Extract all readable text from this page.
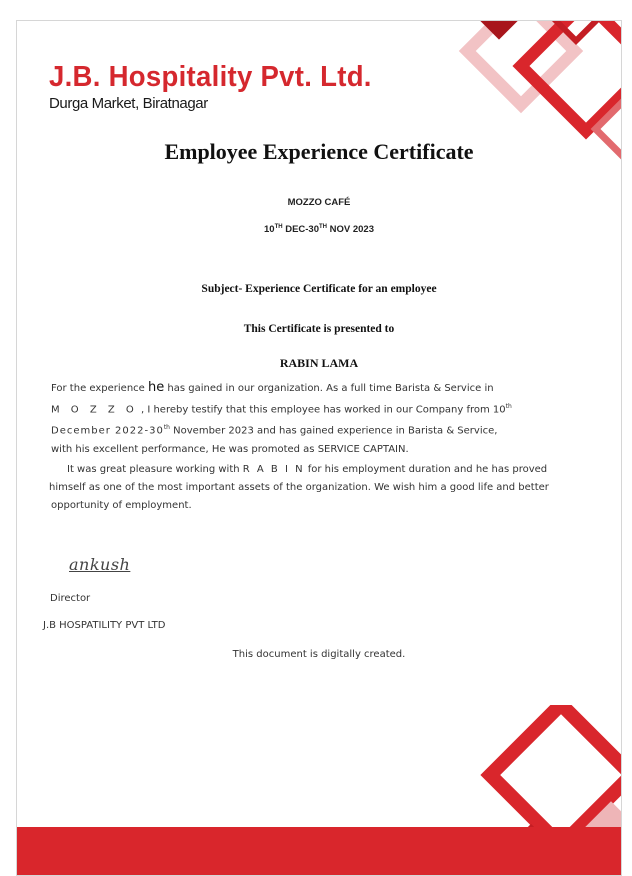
J.B. Hospitality Pvt. Ltd.
Durga Market, Biratnagar
Employee Experience Certificate
MOZZO CAFÉ
10TH DEC-30TH NOV 2023
Subject- Experience Certificate for an employee
This Certificate is presented to
RABIN LAMA
For the experience he has gained in our organization. As a full time Barista & Service in
M O Z Z O , I hereby testify that this employee has worked in our Company from 10th
December 2022-30th November 2023 and has gained experience in Barista & Service,
with his excellent performance, He was promoted as SERVICE CAPTAIN.
It was great pleasure working with R A B I N for his employment duration and he has proved
himself as one of the most important assets of the organization. We wish him a good life and better
opportunity of employment.
ankush
Director
J.B HOSPATILITY PVT LTD
This document is digitally created.
